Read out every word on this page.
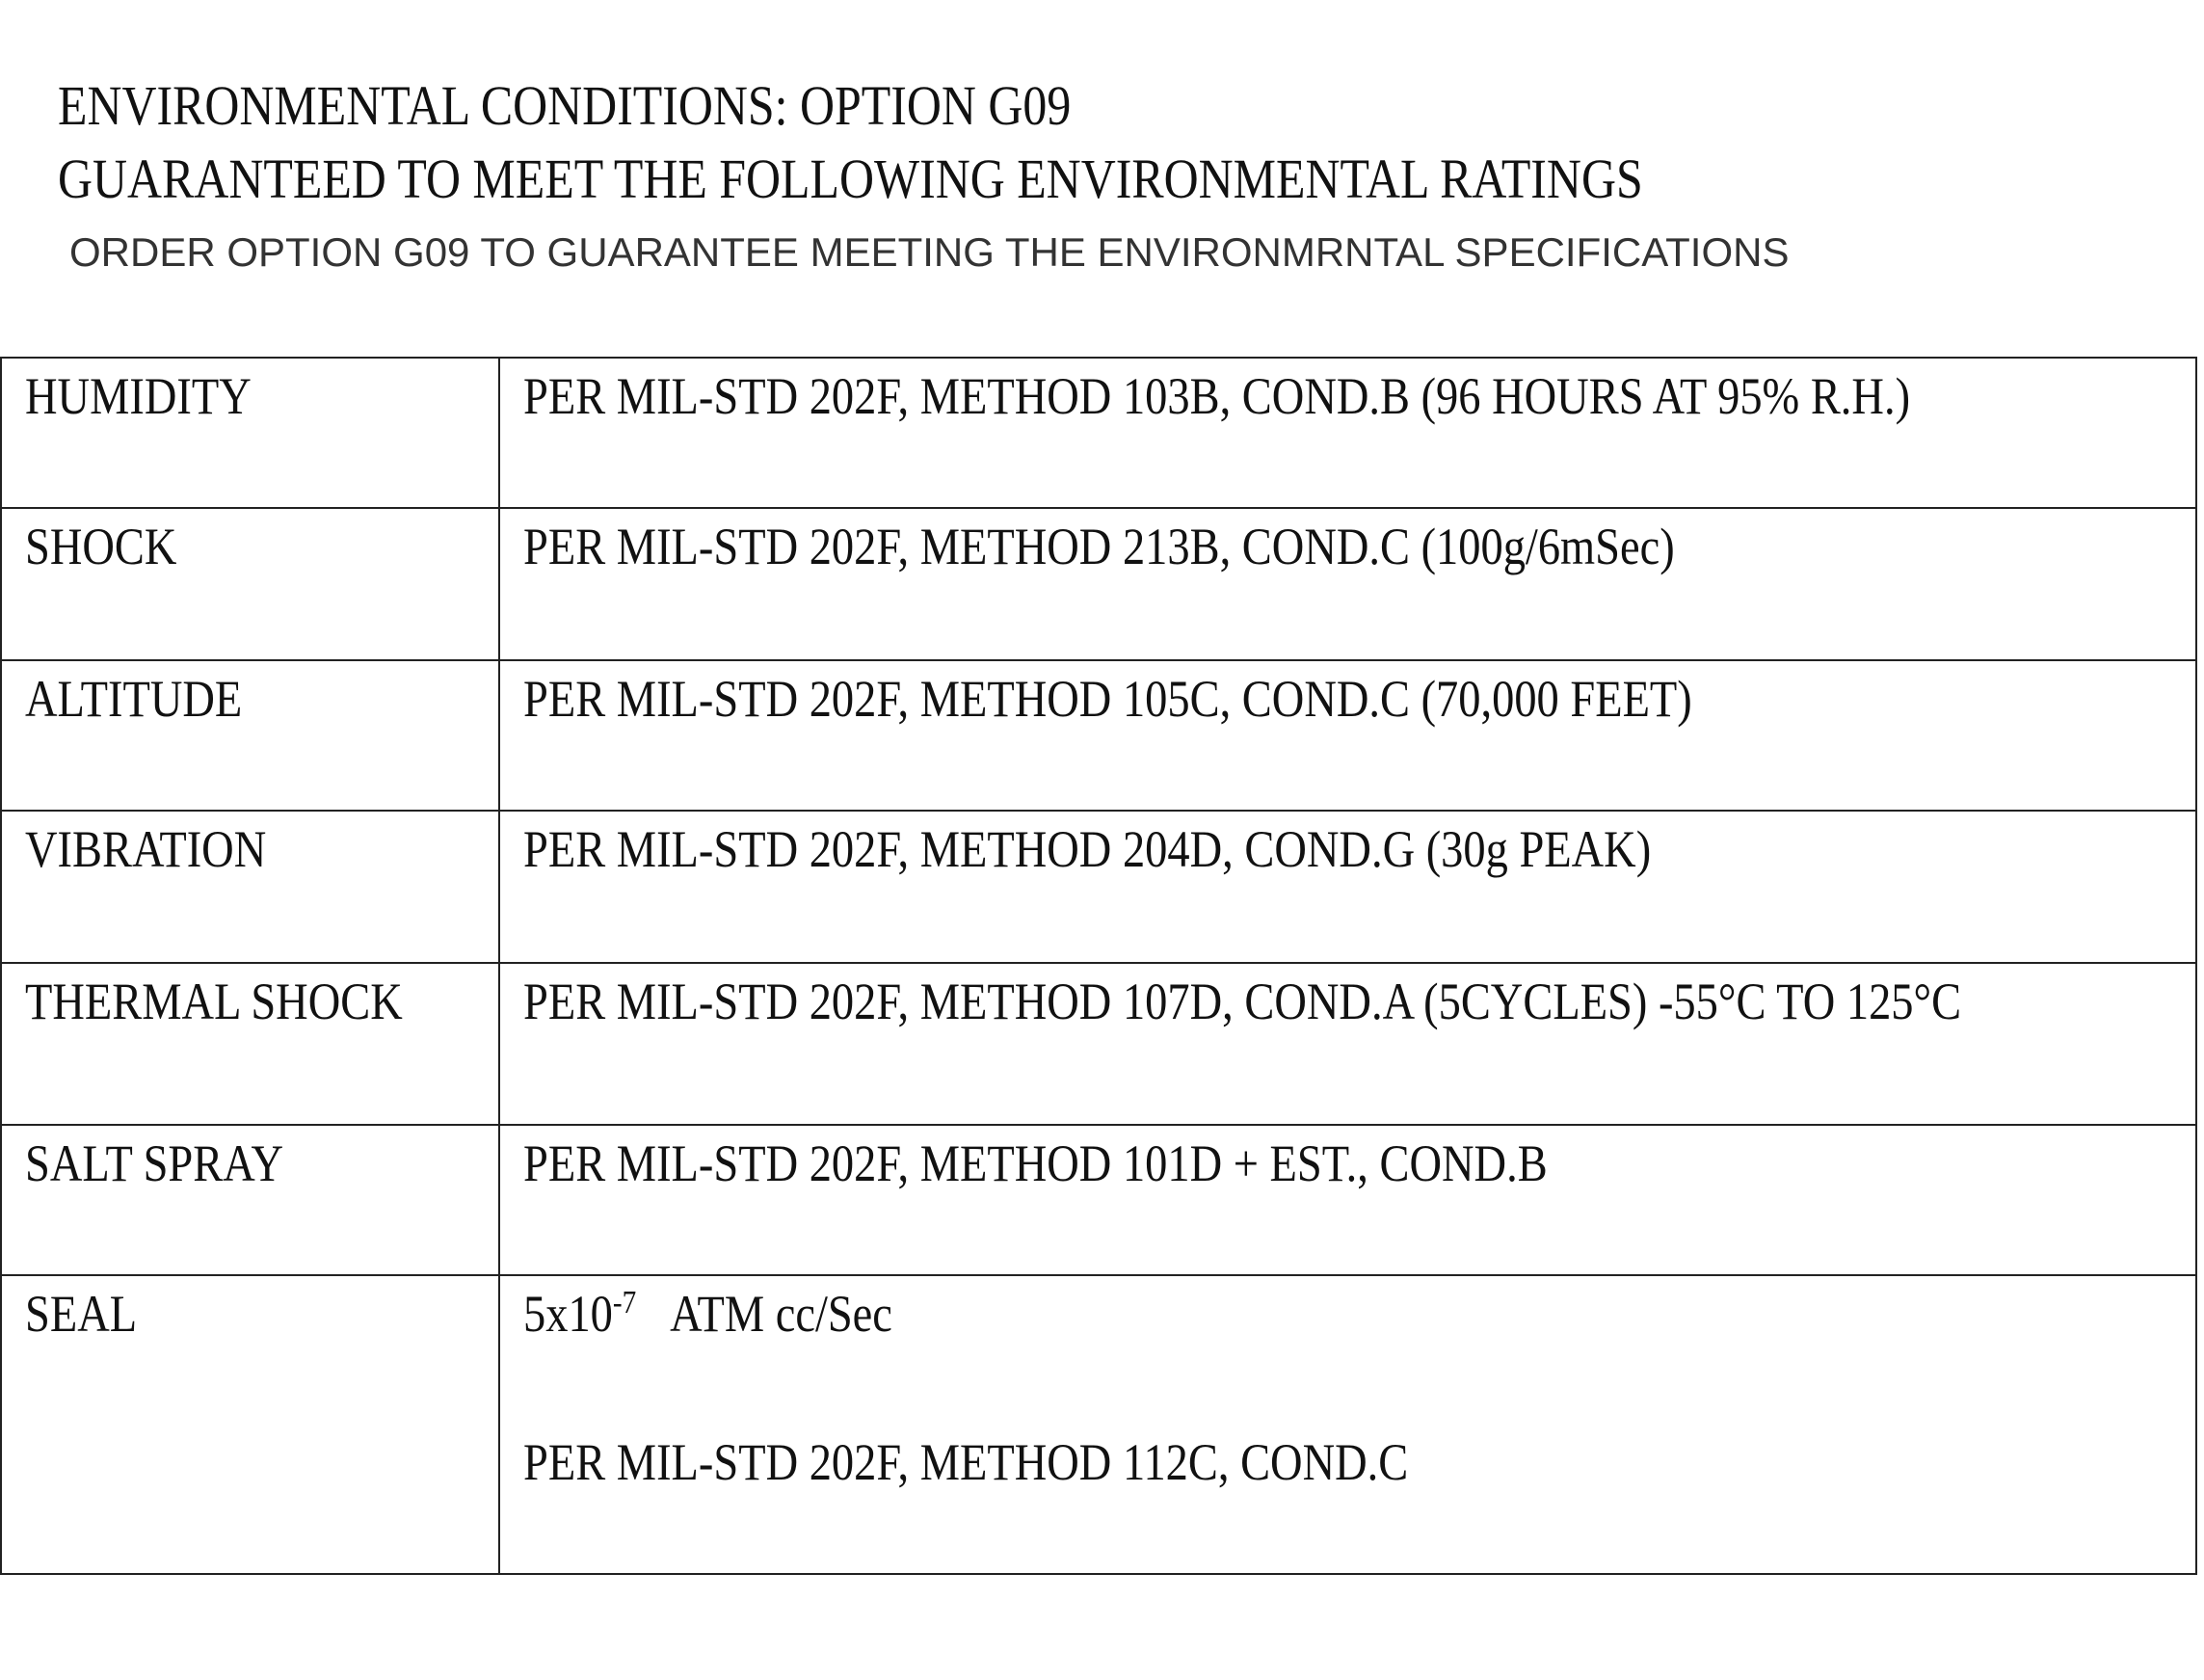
ENVIRONMENTAL CONDITIONS: OPTION G09
GUARANTEED TO MEET THE FOLLOWING ENVIRONMENTAL RATINGS

ORDER OPTION G09 TO GUARANTEE MEETING THE ENVIRONMRNTAL SPECIFICATIONS

HUMIDITY	PER MIL-STD 202F, METHOD 103B, COND.B (96 HOURS AT 95% R.H.)
SHOCK	PER MIL-STD 202F, METHOD 213B, COND.C (100g/6mSec)
ALTITUDE	PER MIL-STD 202F, METHOD 105C, COND.C (70,000 FEET)
VIBRATION	PER MIL-STD 202F, METHOD 204D, COND.G (30g PEAK)
THERMAL SHOCK	PER MIL-STD 202F, METHOD 107D, COND.A (5CYCLES) -55°C TO 125°C
SALT SPRAY	PER MIL-STD 202F, METHOD 101D + EST., COND.B
SEAL	$5x10^{-7}$ ATM cc/Sec
PER MIL-STD 202F, METHOD 112C, COND.C
